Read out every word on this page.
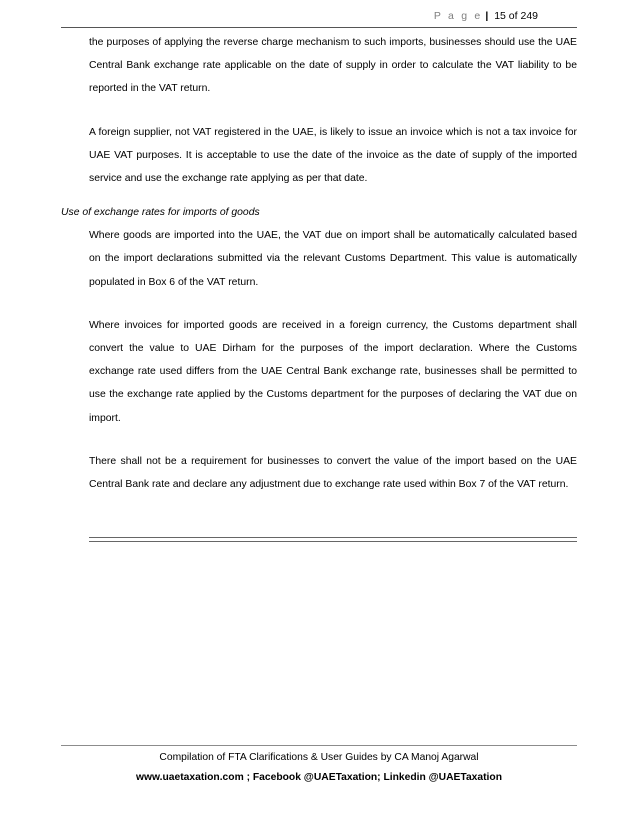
P a g e | 15 of 249

the purposes of applying the reverse charge mechanism to such imports, businesses should use the UAE Central Bank exchange rate applicable on the date of supply in order to calculate the VAT liability to be reported in the VAT return.

A foreign supplier, not VAT registered in the UAE, is likely to issue an invoice which is not a tax invoice for UAE VAT purposes. It is acceptable to use the date of the invoice as the date of supply of the imported service and use the exchange rate applying as per that date.

Use of exchange rates for imports of goods

Where goods are imported into the UAE, the VAT due on import shall be automatically calculated based on the import declarations submitted via the relevant Customs Department. This value is automatically populated in Box 6 of the VAT return.

Where invoices for imported goods are received in a foreign currency, the Customs department shall convert the value to UAE Dirham for the purposes of the import declaration. Where the Customs exchange rate used differs from the UAE Central Bank exchange rate, businesses shall be permitted to use the exchange rate applied by the Customs department for the purposes of declaring the VAT due on import.

There shall not be a requirement for businesses to convert the value of the import based on the UAE Central Bank rate and declare any adjustment due to exchange rate used within Box 7 of the VAT return.

Compilation of FTA Clarifications & User Guides by CA Manoj Agarwal
www.uaetaxation.com ; Facebook @UAETaxation; Linkedin @UAETaxation
